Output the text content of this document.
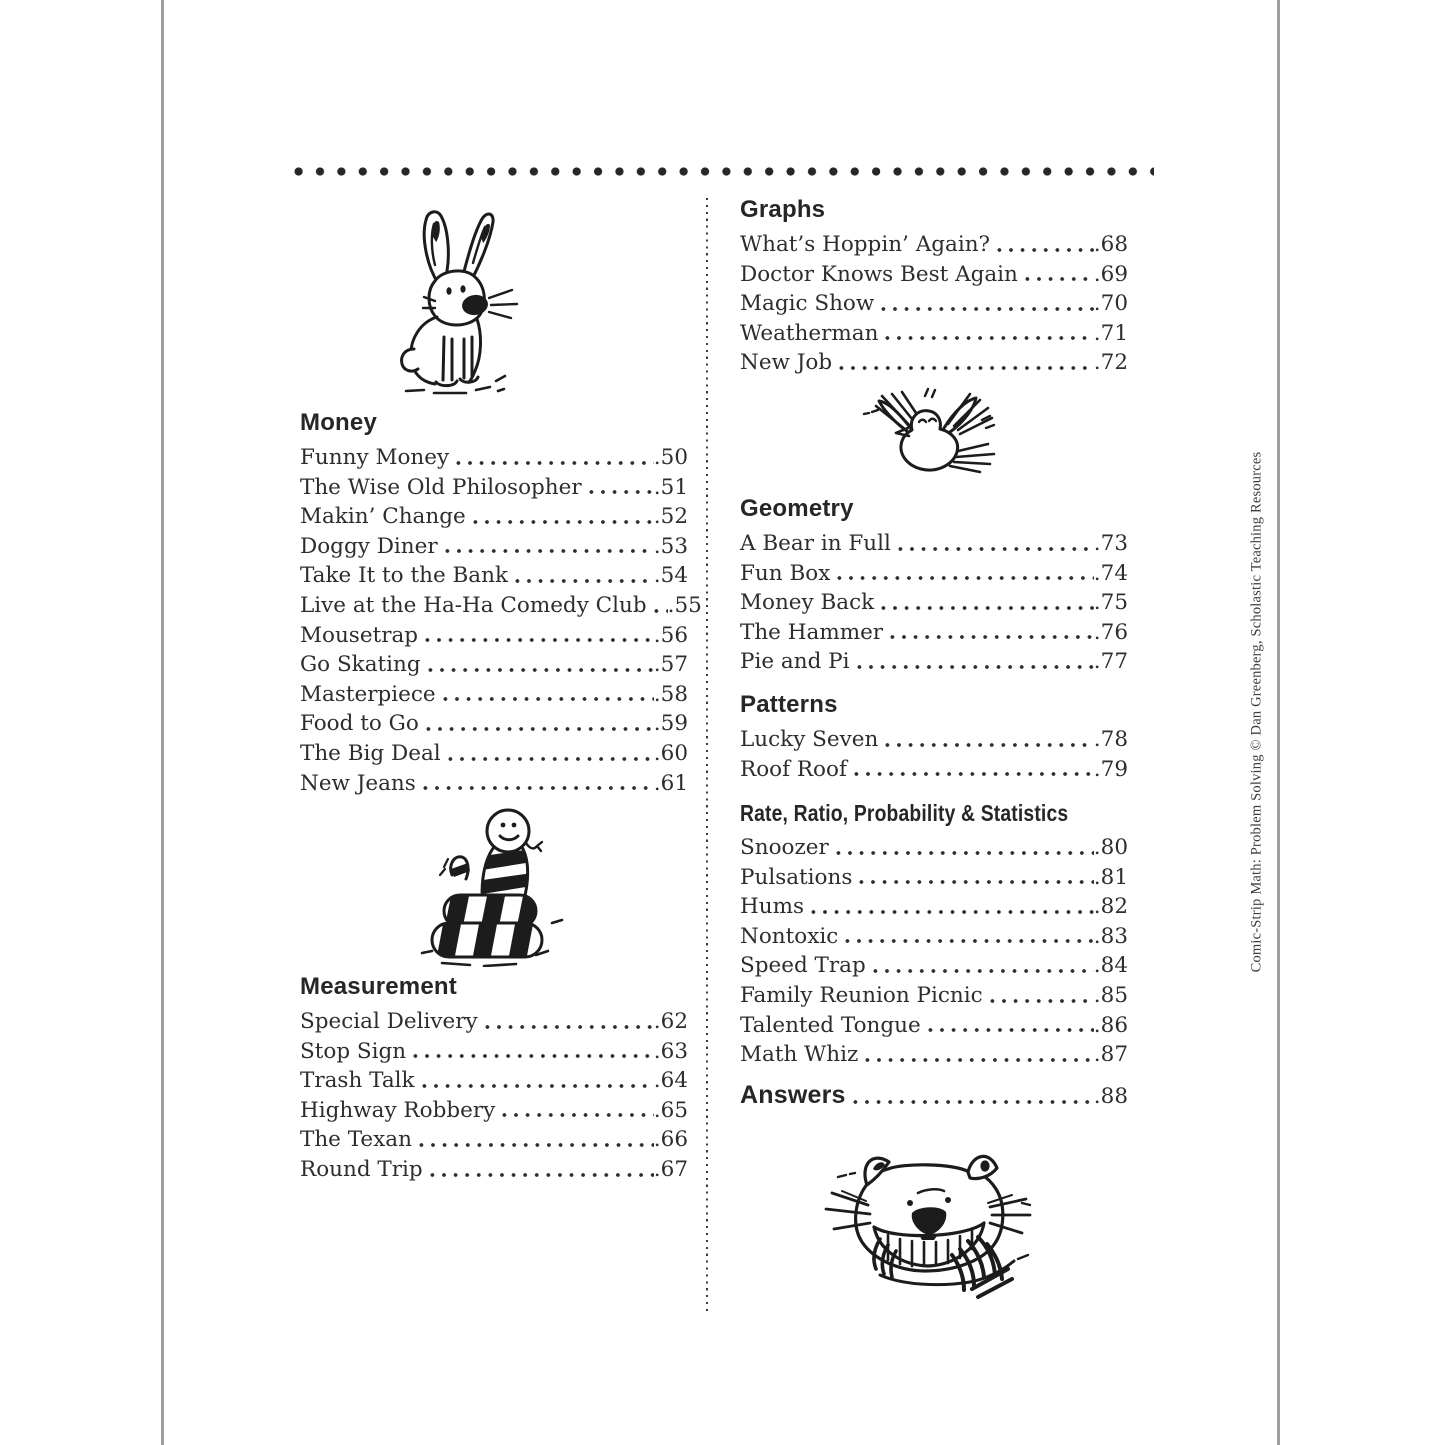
Money
Funny Money	. 50
The Wise Old Philosopher	. 51
Makin’ Change	. 52
Doggy Diner	. 53
Take It to the Bank	. 54
Live at the Ha-Ha Comedy Club	. 55
Mousetrap	. 56
Go Skating	. 57
Masterpiece	. 58
Food to Go	. 59
The Big Deal	. 60
New Jeans	. 61
Measurement
Special Delivery	. 62
Stop Sign	. 63
Trash Talk	. 64
Highway Robbery	. 65
The Texan	. 66
Round Trip	. 67
Graphs
What’s Hoppin’ Again?	. 68
Doctor Knows Best Again	. 69
Magic Show	. 70
Weatherman	. 71
New Job	. 72
Geometry
A Bear in Full	. 73
Fun Box	. 74
Money Back	. 75
The Hammer	. 76
Pie and Pi	. 77
Patterns
Lucky Seven	. 78
Roof Roof	. 79
Rate, Ratio, Probability & Statistics
Snoozer	. 80
Pulsations	. 81
Hums	. 82
Nontoxic	. 83
Speed Trap	. 84
Family Reunion Picnic	. 85
Talented Tongue	. 86
Math Whiz	. 87
Answers	. 88
Comic-Strip Math: Problem Solving © Dan Greenberg, Scholastic Teaching Resources
